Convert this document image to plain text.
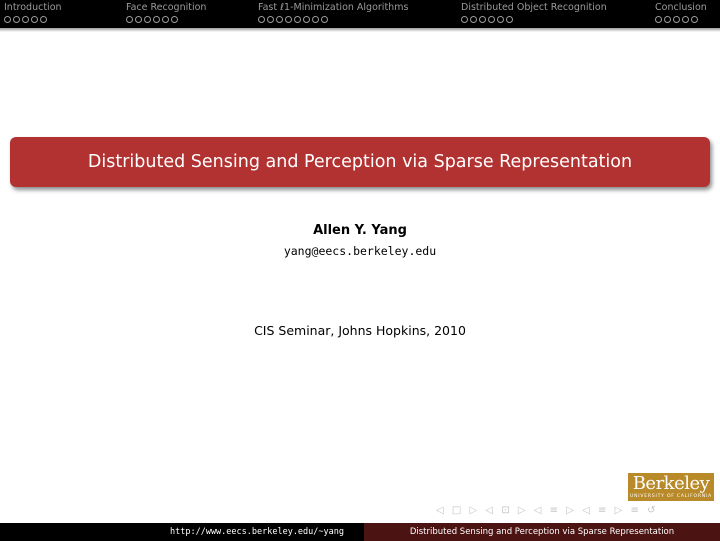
Introduction	Face Recognition	Fast ℓ1-Minimization Algorithms	Distributed Object Recognition	Conclusion
Distributed Sensing and Perception via Sparse Representation
Allen Y. Yang
yang@eecs.berkeley.edu
CIS Seminar, Johns Hopkins, 2010
Berkeley
UNIVERSITY OF CALIFORNIA
◁ □ ▷ ◁ ⊡ ▷ ◁ ≡ ▷ ◁ ≡ ▷ ≡ ↺
http://www.eecs.berkeley.edu/~yang	Distributed Sensing and Perception via Sparse Representation
